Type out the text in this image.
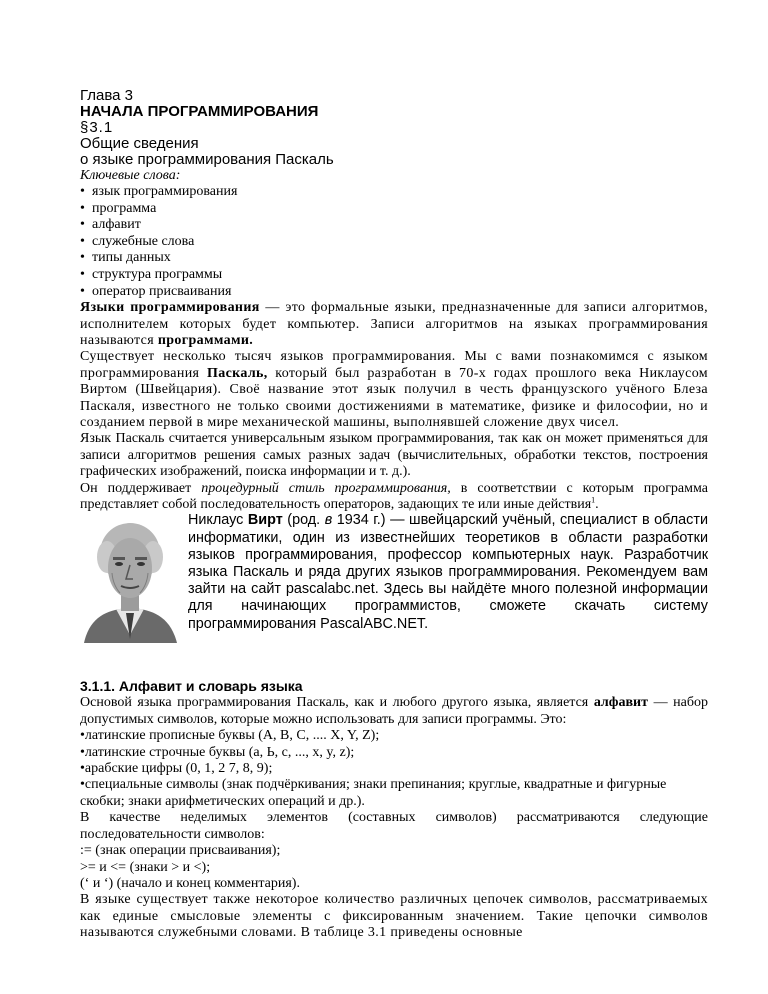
Глава 3

НАЧАЛА ПРОГРАММИРОВАНИЯ

§3.1

Общие сведения

о языке программирования Паскаль

Ключевые слова:

• язык программирования
• программа
• алфавит
• служебные слова
• типы данных
• структура программы
• оператор присваивания

Языки программирования — это формальные языки, предназначенные для записи алгоритмов, исполнителем которых будет компьютер. Записи алгоритмов на языках программирования называются программами.

Существует несколько тысяч языков программирования. Мы с вами познакомимся с языком программирования Паскаль, который был разработан в 70-х годах прошлого века Никлаусом Виртом (Швейцария). Своё название этот язык получил в честь французского учёного Блеза Паскаля, известного не только своими достижениями в математике, физике и философии, но и созданием первой в мире механической машины, выполнявшей сложение двух чисел.

Язык Паскаль считается универсальным языком программирования, так как он может применяться для записи алгоритмов решения самых разных задач (вычислительных, обработки текстов, построения графических изображений, поиска информации и т. д.).

Он поддерживает процедурный стиль программирования, в соответствии с которым программа представляет собой последовательность операторов, задающих те или иные действия$^1$.

Никлаус Вирт (род. в 1934 г.) — швейцарский учёный, специалист в области информатики, один из известнейших теоретиков в области разработки языков программирования, профессор компьютерных наук. Разработчик языка Паскаль и ряда других языков программирования. Рекомендуем вам зайти на сайт pascalabc.net. Здесь вы найдёте много полезной информации для начинающих программистов, сможете скачать систему программирования PascalABC.NET.

3.1.1. Алфавит и словарь языка

Основой языка программирования Паскаль, как и любого другого языка, является алфавит — набор допустимых символов, которые можно использовать для записи программы. Это:

•латинские прописные буквы (A, B, C, .... X, Y, Z);

•латинские строчные буквы (a, Ь, c, ..., x, y, z);

•арабские цифры (0, 1, 2 7, 8, 9);

•специальные символы (знак подчёркивания; знаки препинания; круглые, квадратные и фигурные скобки; знаки арифметических операций и др.).

В качестве неделимых элементов (составных символов) рассматриваются следующие последовательности символов:

:= (знак операции присваивания);

>= и <= (знаки > и <);

(‘ и ‘) (начало и конец комментария).

В языке существует также некоторое количество различных цепочек символов, рассматриваемых как единые смысловые элементы с фиксированным значением. Такие цепочки символов называются служебными словами. В таблице 3.1 приведены основные
